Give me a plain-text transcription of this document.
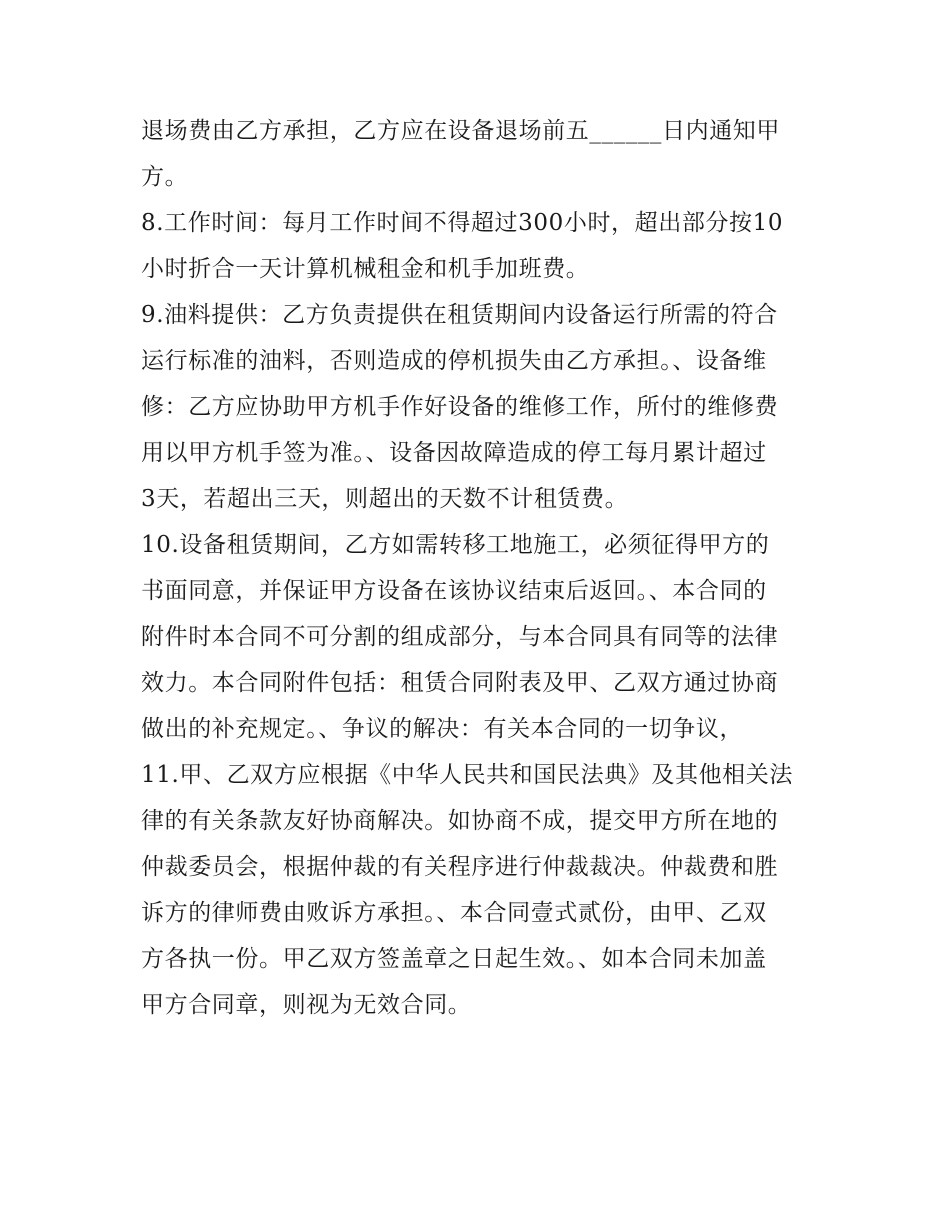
退场费由乙方承担，乙方应在设备退场前五______日内通知甲
方。
8.工作时间：每月工作时间不得超过300小时，超出部分按10
小时折合一天计算机械租金和机手加班费。
9.油料提供：乙方负责提供在租赁期间内设备运行所需的符合
运行标准的油料，否则造成的停机损失由乙方承担。、设备维
修：乙方应协助甲方机手作好设备的维修工作，所付的维修费
用以甲方机手签为准。、设备因故障造成的停工每月累计超过
3天，若超出三天，则超出的天数不计租赁费。
10.设备租赁期间，乙方如需转移工地施工，必须征得甲方的
书面同意，并保证甲方设备在该协议结束后返回。、本合同的
附件时本合同不可分割的组成部分，与本合同具有同等的法律
效力。本合同附件包括：租赁合同附表及甲、乙双方通过协商
做出的补充规定。、争议的解决：有关本合同的一切争议，
11.甲、乙双方应根据《中华人民共和国民法典》及其他相关法
律的有关条款友好协商解决。如协商不成，提交甲方所在地的
仲裁委员会，根据仲裁的有关程序进行仲裁裁决。仲裁费和胜
诉方的律师费由败诉方承担。、本合同壹式贰份，由甲、乙双
方各执一份。甲乙双方签盖章之日起生效。、如本合同未加盖
甲方合同章，则视为无效合同。
